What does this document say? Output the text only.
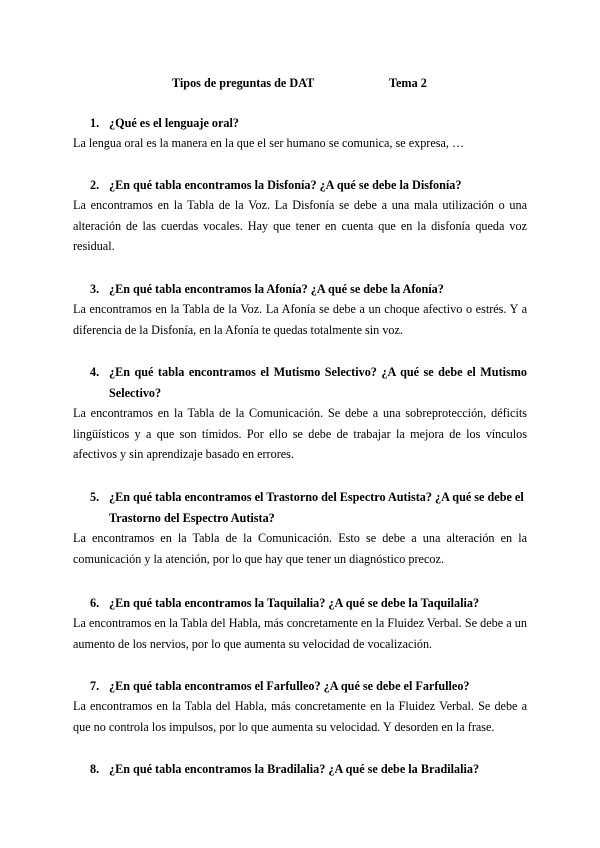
Tipos de preguntas de DAT	Tema 2
1. ¿Qué es el lenguaje oral?
La lengua oral es la manera en la que el ser humano se comunica, se expresa, …
2. ¿En qué tabla encontramos la Disfonía? ¿A qué se debe la Disfonía?
La encontramos en la Tabla de la Voz. La Disfonía se debe a una mala utilización o una alteración de las cuerdas vocales. Hay que tener en cuenta que en la disfonía queda voz residual.
3. ¿En qué tabla encontramos la Afonía? ¿A qué se debe la Afonía?
La encontramos en la Tabla de la Voz. La Afonía se debe a un choque afectivo o estrés. Y a diferencia de la Disfonía, en la Afonía te quedas totalmente sin voz.
4. ¿En qué tabla encontramos el Mutismo Selectivo? ¿A qué se debe el Mutismo Selectivo?
La encontramos en la Tabla de la Comunicación. Se debe a una sobreprotección, déficits lingüísticos y a que son tímidos. Por ello se debe de trabajar la mejora de los vínculos afectivos y sin aprendizaje basado en errores.
5. ¿En qué tabla encontramos el Trastorno del Espectro Autista? ¿A qué se debe el Trastorno del Espectro Autista?
La encontramos en la Tabla de la Comunicación. Esto se debe a una alteración en la comunicación y la atención, por lo que hay que tener un diagnóstico precoz.
6. ¿En qué tabla encontramos la Taquilalia? ¿A qué se debe la Taquilalia?
La encontramos en la Tabla del Habla, más concretamente en la Fluidez Verbal. Se debe a un aumento de los nervios, por lo que aumenta su velocidad de vocalización.
7. ¿En qué tabla encontramos el Farfulleo? ¿A qué se debe el Farfulleo?
La encontramos en la Tabla del Habla, más concretamente en la Fluidez Verbal. Se debe a que no controla los impulsos, por lo que aumenta su velocidad. Y desorden en la frase.
8. ¿En qué tabla encontramos la Bradilalia? ¿A qué se debe la Bradilalia?
